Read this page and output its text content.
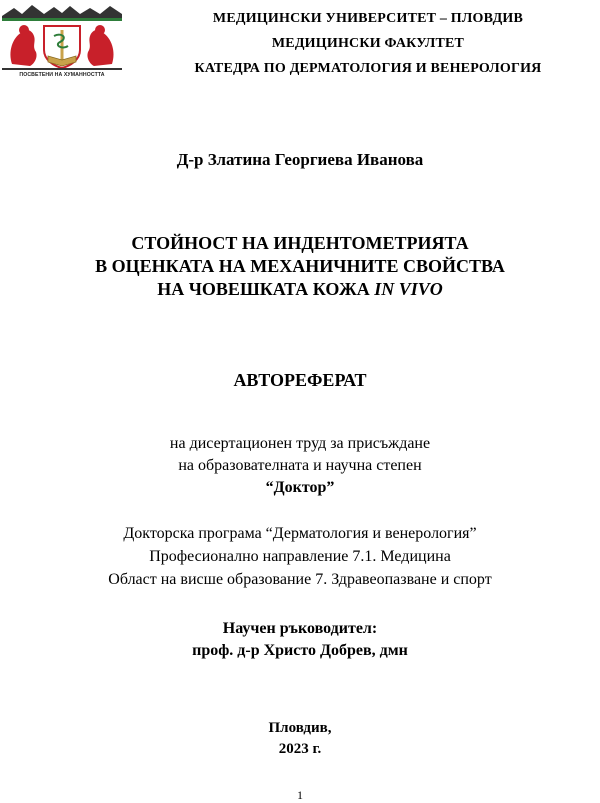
ПОСВЕТЕНИ НА ХУМАННОСТТА
МЕДИЦИНСКИ УНИВЕРСИТЕТ – ПЛОВДИВ
МЕДИЦИНСКИ ФАКУЛТЕТ
КАТЕДРА ПО ДЕРМАТОЛОГИЯ И ВЕНЕРОЛОГИЯ
Д-р Златина Георгиева Иванова
СТОЙНОСТ НА ИНДЕНТОМЕТРИЯТА
В ОЦЕНКАТА НА МЕХАНИЧНИТЕ СВОЙСТВА
НА ЧОВЕШКАТА КОЖА IN VIVO
АВТОРЕФЕРАТ
на дисертационен труд за присъждане
на образователната и научна степен
“Доктор”
Докторска програма “Дерматология и венерология”
Професионално направление 7.1. Медицина
Област на висше образование 7. Здравеопазване и спорт
Научен ръководител:
проф. д-р Христо Добрев, дмн
Пловдив,
2023 г.
1
